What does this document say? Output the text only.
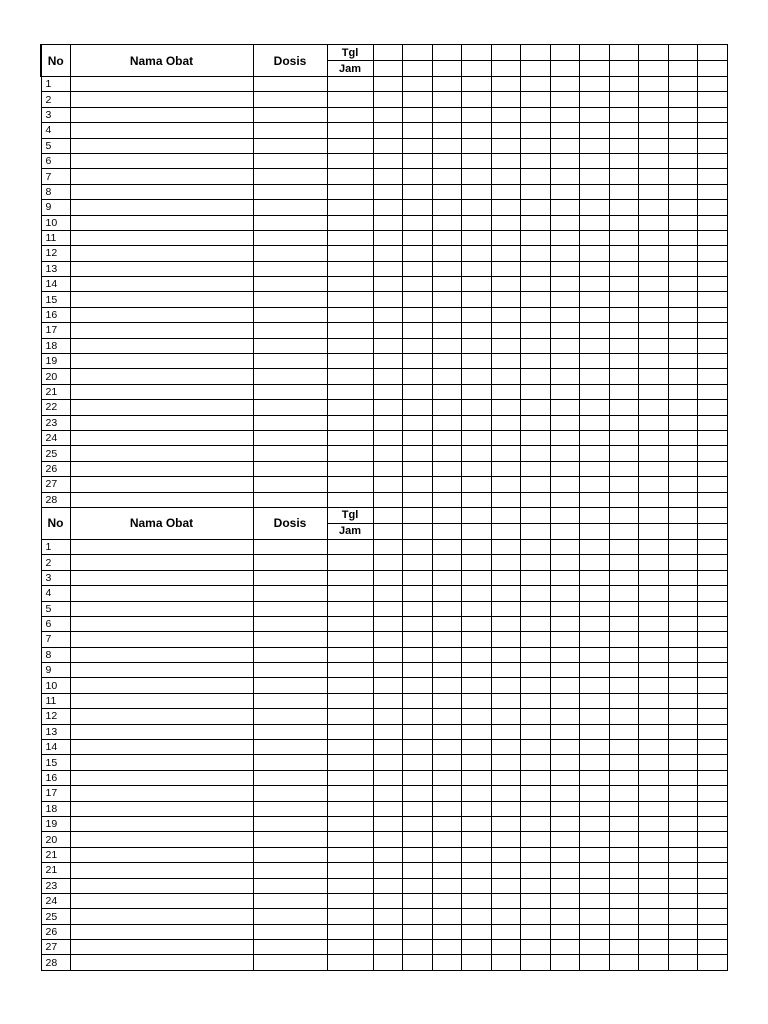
No	Nama Obat	Dosis	Tgl												
			Jam												
1															
2															
3															
4															
5															
6															
7															
8															
9															
10															
11															
12															
13															
14															
15															
16															
17															
18															
19															
20															
21															
22															
23															
24															
25															
26															
27															
28															
No	Nama Obat	Dosis	Tgl												
			Jam												
1															
2															
3															
4															
5															
6															
7															
8															
9															
10															
11															
12															
13															
14															
15															
16															
17															
18															
19															
20															
21															
21															
23															
24															
25															
26															
27															
28															
